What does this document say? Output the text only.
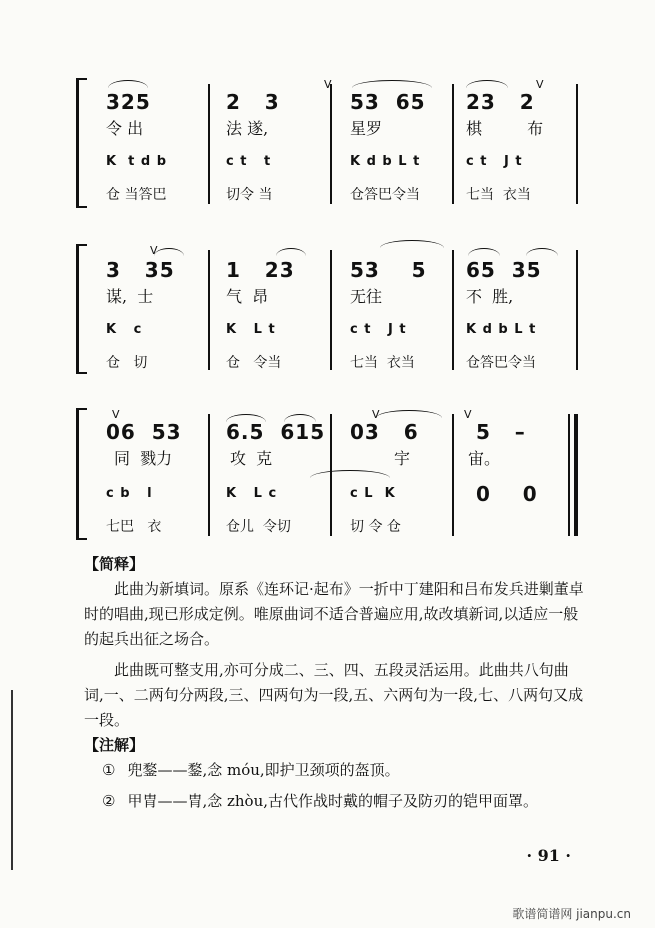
V	V
325	2   3	53  65 23   2
令 出	法 遂,	星罗	棋 布
K  t d b	c t   t	K d b L t	c t   J t
仓 当答巴	切令 当	仓答巴令当	七当  衣当
V
3   35	1   23	53    5 65  35
谋,  士	气  昂	无往	不  胜,
K   c	K   L t	c t   J t	K d b L t
仓   切	仓   令当	七当  衣当	仓答巴令当
V	V	V
06  53 6.5  615 03   6	5   –
同  戮力	攻  克	宇	宙。
c b   l	K   L c	c L  K	0    0
七巴   衣	仓儿  令切	切 令 仓

【简释】

此曲为新填词。原系《连环记·起布》一折中丁建阳和吕布发兵进剿董卓时的唱曲,现已形成定例。唯原曲词不适合普遍应用,故改填新词,以适应一般的起兵出征之场合。

此曲既可整支用,亦可分成二、三、四、五段灵活运用。此曲共八句曲词,一、二两句分两段,三、四两句为一段,五、六两句为一段,七、八两句又成一段。

【注解】

① 兜鍪——鍪,念 móu,即护卫颈项的盔顶。

② 甲胄——胄,念 zhòu,古代作战时戴的帽子及防刃的铠甲面罩。

· 91 ·
歌谱简谱网 jianpu.cn
